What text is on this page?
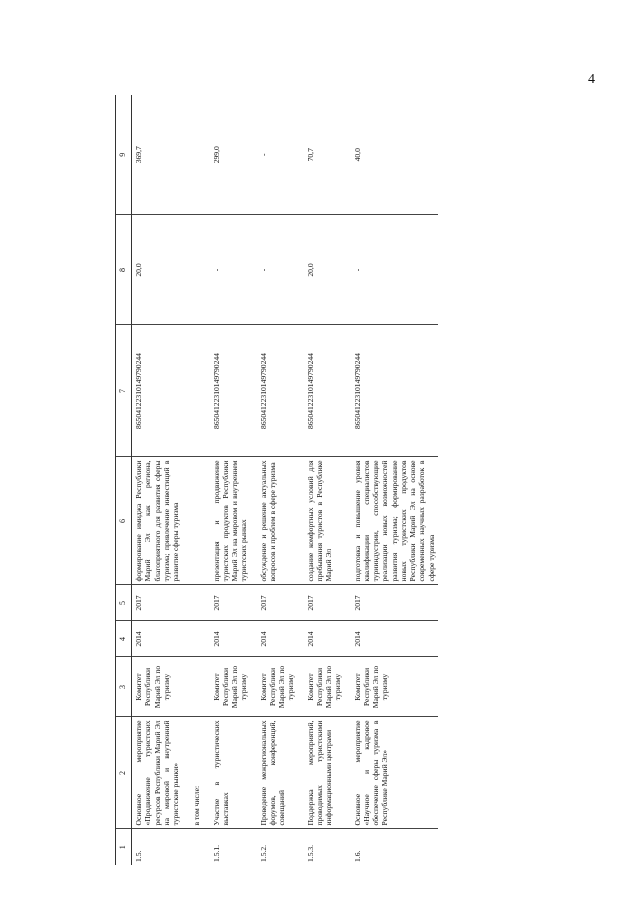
4
1	2	3	4	5	6	7	8	9
1.5.	Основное мероприятие «Продвижение туристских ресурсов Республики Марий Эл на мировой и внутренний туристские рынки» в том числе:	Комитет Республики Марий Эл по туризму	2014	2017	формирование имиджа Республики Марий Эл как региона, благоприятного для развития сферы туризма; привлечение инвестиций в развитие сферы туризма	86504122310149790244	20,0	369,7

1.5.1.	Участие в туристических выставках	Комитет Республики Марий Эл по туризму	2014	2017	презентация и продвижение туристских продуктов Республики Марий Эл на мировом и внутреннем туристских рынках	86504122310149790244	-	299,0

1.5.2.	Проведение межрегиональных форумов, конференций, совещаний	Комитет Республики Марий Эл по туризму	2014	2017	обсуждение и решение актуальных вопросов и проблем в сфере туризма	86504122310149790244	-	-

1.5.3.	Поддержка мероприятий, проводимых туристскими информационными центрами	Комитет Республики Марий Эл по туризму	2014	2017	создание комфортных условий для пребывания туристов в Республике Марий Эл	86504122310149790244	20,0	70,7

1.6.	Основное мероприятие «Научное и кадровое обеспечение сферы туризма в Республике Марий Эл»	Комитет Республики Марий Эл по туризму	2014	2017	подготовка и повышение уровня квалификации специалистов турииндустрии, способствующие реализации новых возможностей развития туризма; формирование новых туристских продуктов Республики Марий Эл на основе современных научных разработок в сфере туризма	86504122310149790244	-	40,0
